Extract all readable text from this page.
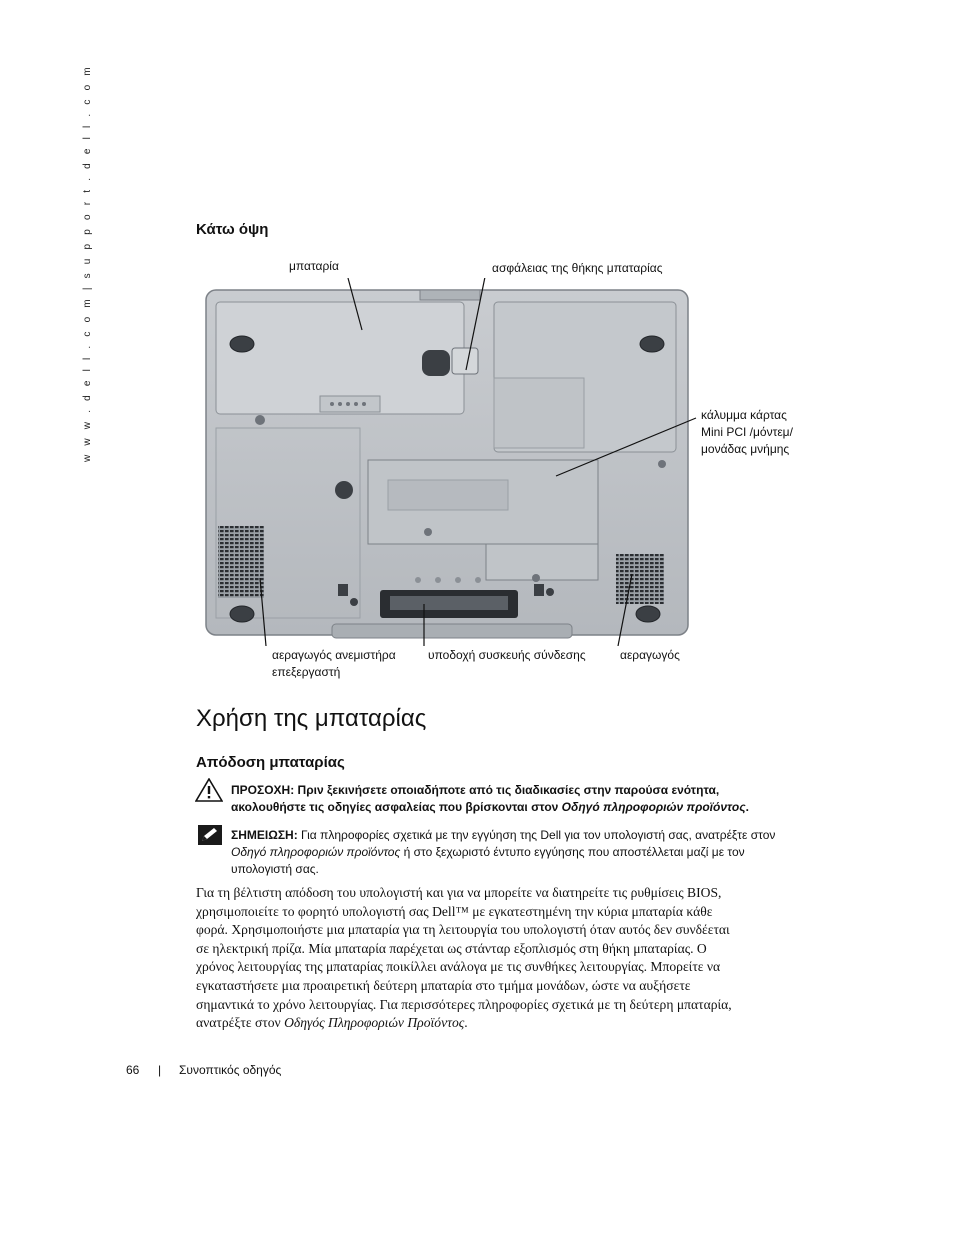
w w w . d e l l . c o m | s u p p o r t . d e l l . c o m	Κάτω όψη
μπαταρία	ασφάλειας της θήκης μπαταρίας
κάλυμμα κάρτας
Mini PCI /μόντεμ/
μονάδας μνήμης
αεραγωγός ανεμιστήρα
επεξεργαστή
υποδοχή συσκευής σύνδεσης	αεραγωγός
Χρήση της μπαταρίας
Απόδοση μπαταρίας
ΠΡΟΣΟΧΗ: Πριν ξεκινήσετε οποιαδήποτε από τις διαδικασίες στην παρούσα ενότητα,
ακολουθήστε τις οδηγίες ασφαλείας που βρίσκονται στον Οδηγό πληροφοριών προϊόντος.
ΣΗΜΕΙΩΣΗ: Για πληροφορίες σχετικά με την εγγύηση της Dell για τον υπολογιστή σας, ανατρέξτε στον
Οδηγό πληροφοριών προϊόντος ή στο ξεχωριστό έντυπο εγγύησης που αποστέλλεται μαζί με τον
υπολογιστή σας.
Για τη βέλτιστη απόδοση του υπολογιστή και για να μπορείτε να διατηρείτε τις ρυθμίσεις BIOS,
χρησιμοποιείτε το φορητό υπολογιστή σας Dell™ με εγκατεστημένη την κύρια μπαταρία κάθε
φορά. Χρησιμοποιήστε μια μπαταρία για τη λειτουργία του υπολογιστή όταν αυτός δεν συνδέεται
σε ηλεκτρική πρίζα. Μία μπαταρία παρέχεται ως στάνταρ εξοπλισμός στη θήκη μπαταρίας. Ο
χρόνος λειτουργίας της μπαταρίας ποικίλλει ανάλογα με τις συνθήκες λειτουργίας. Μπορείτε να
εγκαταστήσετε μια προαιρετική δεύτερη μπαταρία στο τμήμα μονάδων, ώστε να αυξήσετε
σημαντικά το χρόνο λειτουργίας. Για περισσότερες πληροφορίες σχετικά με τη δεύτερη μπαταρία,
ανατρέξτε στον Οδηγός Πληροφοριών Προϊόντος.
66 | Συνοπτικός οδηγός
